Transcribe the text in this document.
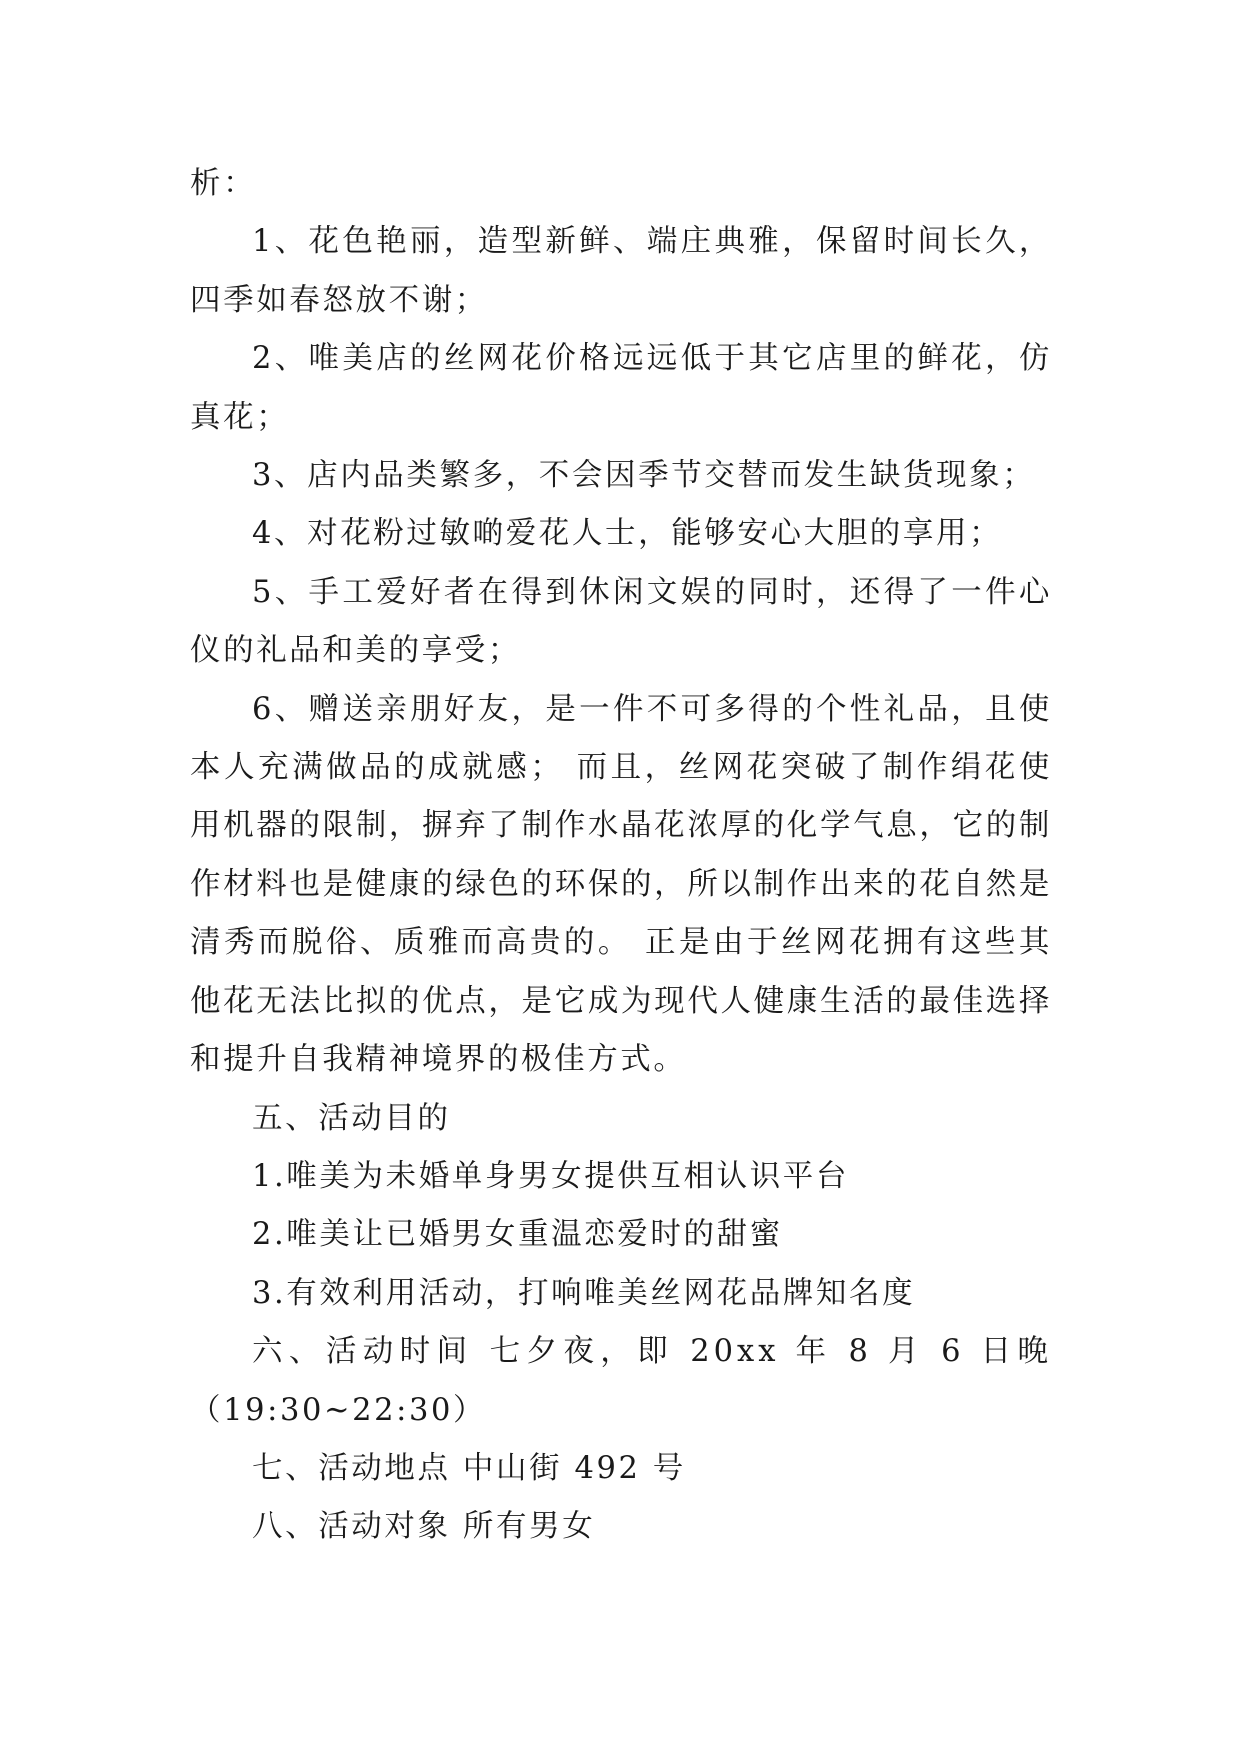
析：

1、花色艳丽，造型新鲜、端庄典雅，保留时间长久，四季如春怒放不谢；

2、唯美店的丝网花价格远远低于其它店里的鲜花，仿真花；

3、店内品类繁多，不会因季节交替而发生缺货现象；

4、对花粉过敏啲爱花人士，能够安心大胆的享用；

5、手工爱好者在得到休闲文娱的同时，还得了一件心仪的礼品和美的享受；

6、赠送亲朋好友，是一件不可多得的个性礼品，且使本人充满做品的成就感； 而且，丝网花突破了制作绢花使用机器的限制，摒弃了制作水晶花浓厚的化学气息，它的制作材料也是健康的绿色的环保的，所以制作出来的花自然是清秀而脱俗、质雅而高贵的。 正是由于丝网花拥有这些其他花无法比拟的优点，是它成为现代人健康生活的最佳选择和提升自我精神境界的极佳方式。

五、活动目的

1.唯美为未婚单身男女提供互相认识平台

2.唯美让已婚男女重温恋爱时的甜蜜

3.有效利用活动，打响唯美丝网花品牌知名度

六、活动时间 七夕夜，即 20xx 年 8 月 6 日晚

（19:30~22:30）

七、活动地点 中山街 492 号

八、活动对象 所有男女
